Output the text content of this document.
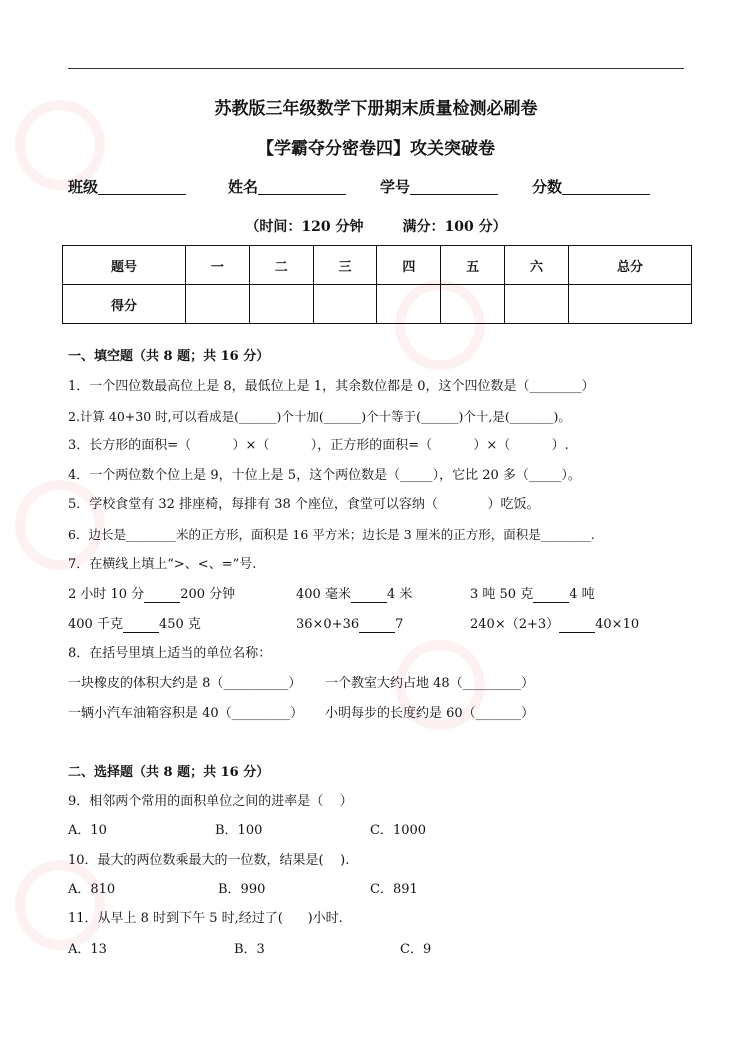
苏教版三年级数学下册期末质量检测必刷卷
【学霸夺分密卷四】攻关突破卷
班级	姓名	学号	分数
（时间：120 分钟        满分：100 分）
题号	一	二	三	四	五	六	总分
得分							
一、填空题（共 8 题；共 16 分）
1．一个四位数最高位上是 8，最低位上是 1，其余数位都是 0，这个四位数是（________）
2.计算 40+30 时,可以看成是(______)个十加(______)个十等于(______)个十,是(_______)。
3．长方形的面积=（          ）×（          ），正方形的面积=（          ）×（          ）.
4．一个两位数个位上是 9，十位上是 5，这个两位数是（_____），它比 20 多（_____）。
5．学校食堂有 32 排座椅，每排有 38 个座位，食堂可以容纳（            ）吃饭。
6．边长是________米的正方形，面积是 16 平方米；边长是 3 厘米的正方形，面积是________.
7．在横线上填上“>、<、=”号.
2 小时 10 分	200 分钟	400 毫米	4 米	3 吨 50 克	4 吨
400 千克	450 克	36×0+36	7	240×（2+3）	40×10
8．在括号里填上适当的单位名称：
一块橡皮的体积大约是 8（__________） 一个教室大约占地 48（_________）
一辆小汽车油箱容积是 40（_________） 小明每步的长度约是 60（_______）
二、选择题（共 8 题；共 16 分）
9．相邻两个常用的面积单位之间的进率是（    ）
A．10	B．100	C．1000
10．最大的两位数乘最大的一位数，结果是(    ).
A．810	B．990	C．891
11．从早上 8 时到下午 5 时,经过了(      )小时.
A．13	B．3	C．9
